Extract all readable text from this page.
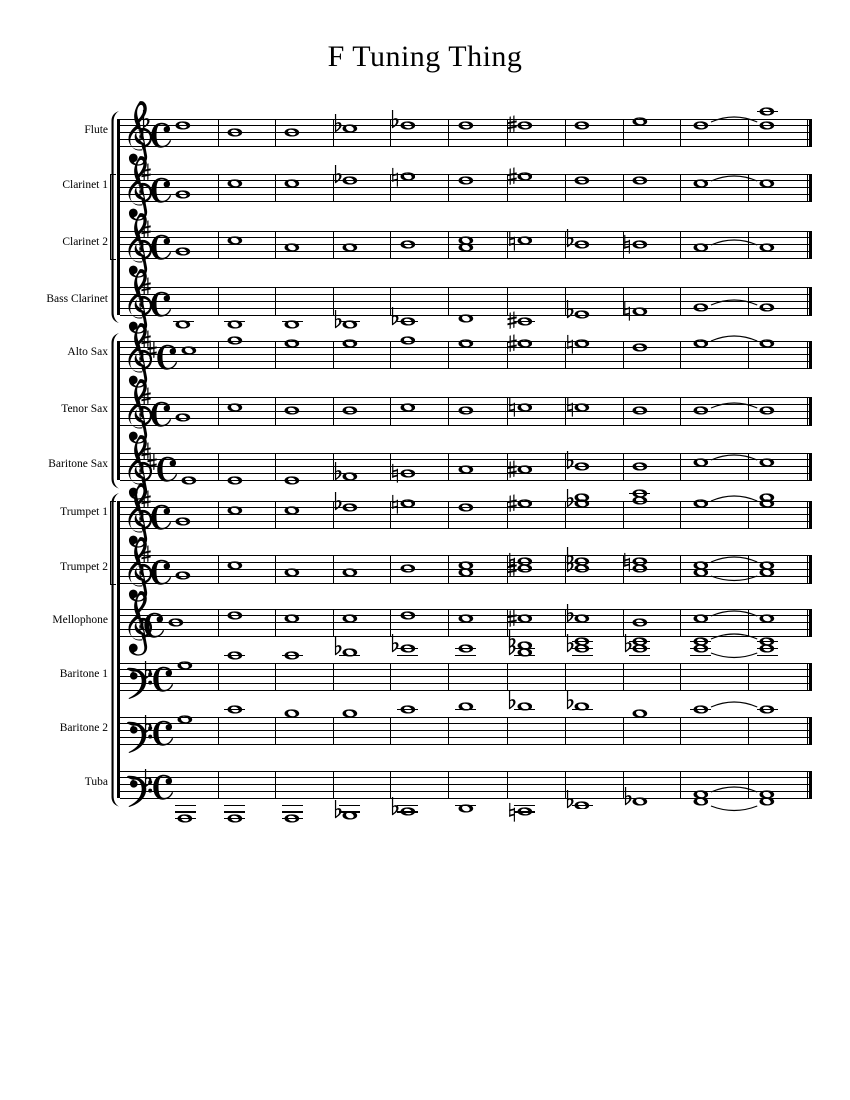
F Tuning Thing
Flute
Clarinet 1
Clarinet 2
Bass Clarinet
Alto Sax
Tenor Sax
Baritone Sax
Trumpet 1
Trumpet 2
Mellophone
Baritone 1
Baritone 2
Tuba
